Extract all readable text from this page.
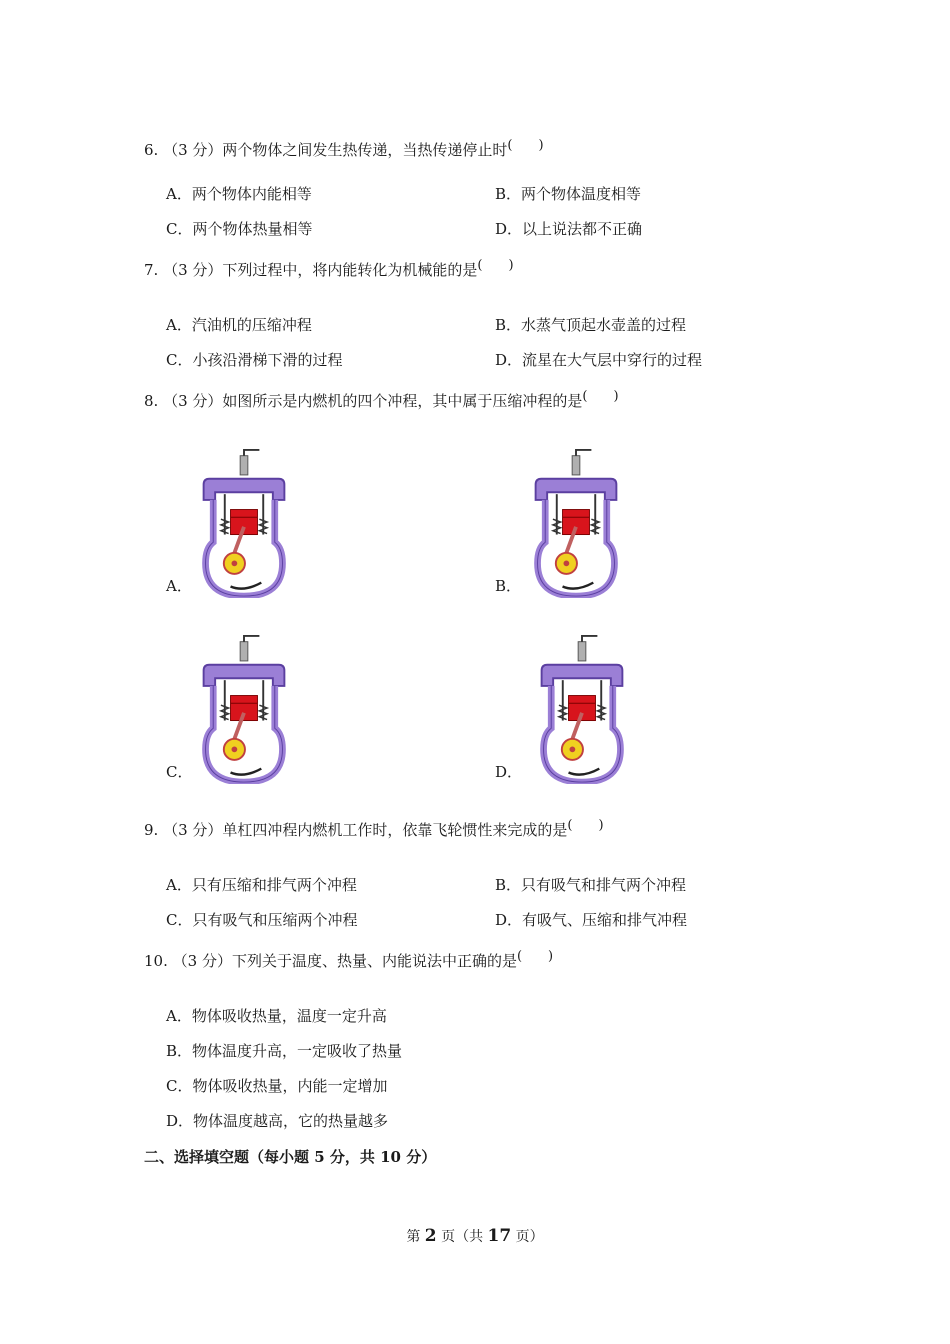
6. （3 分）两个物体之间发生热传递，当热传递停止时(　　)
A．两个物体内能相等	B．两个物体温度相等
C．两个物体热量相等	D．以上说法都不正确
7. （3 分）下列过程中，将内能转化为机械能的是(　　)
A．汽油机的压缩冲程	B．水蒸气顶起水壶盖的过程
C．小孩沿滑梯下滑的过程	D．流星在大气层中穿行的过程
8. （3 分）如图所示是内燃机的四个冲程，其中属于压缩冲程的是(　　)
A．	B．
C．	D．
9. （3 分）单杠四冲程内燃机工作时，依靠飞轮惯性来完成的是(　　)
A．只有压缩和排气两个冲程	B．只有吸气和排气两个冲程
C．只有吸气和压缩两个冲程	D．有吸气、压缩和排气冲程
10. （3 分）下列关于温度、热量、内能说法中正确的是(　　)
A．物体吸收热量，温度一定升高
B．物体温度升高，一定吸收了热量
C．物体吸收热量，内能一定增加
D．物体温度越高，它的热量越多
二、选择填空题（每小题 5 分，共 10 分）
第 2 页（共 17 页）
